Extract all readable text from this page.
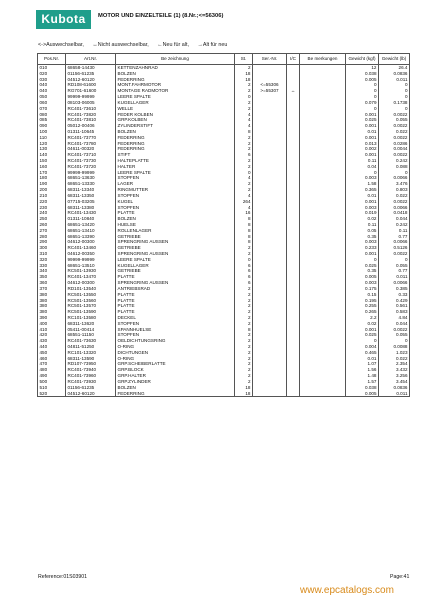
Kubota	MOTOR UND EINZELTEILE (1) (8.Nr.;<=56306)
<->Auswechselbar, ↔Nicht auswechselbar, ←Neu für alt, →Alt für neu
Pos.Nr.	Art.Nr.	Be zeichnung	St.	Ser.-Nr.	I/C	Be merkungen	Gewicht (kgf)	Gewicht (lb)
010	68658-14430	KETTENZAHNRAD	2				12	26.4
020	01156-61235	BOLZEN	18				0.038	0.0836
030	04512-60120	FEDERRING	18				0.005	0.011
040	RD108-61600	MONT.FAHRMOTOR	2	<=55306			0	0
040	RG701-61600	MONTAGE RADMOTOR	2	>=55307	↔		0	0
050	99999-99999	LEERE SPALTE	0				0	0
060	08103-06005	KUGELLAGER	2				0.079	0.1738
070	RC401-73610	WELLE	2				0	0
080	RC401-73820	FEDER KOLBEN	4				0.001	0.0022
085	RC401-73810	GRP.KOLBEN	4				0.025	0.055
090	05012-00406	ZYLINDERSTIFT	4				0.001	0.0022
100	01311-10645	BOLZEN	8				0.01	0.022
110	RC401-73770	FEDERRING	2				0.001	0.0022
120	RC401-73780	FEDERRING	2				0.013	0.0286
130	04611-00320	FEDERRING	2				0.002	0.0044
140	RC401-73710	STIFT	6				0.001	0.0022
150	RC401-73730	HALTEPLATTE	2				0.11	0.242
160	RC401-73720	HALTER	2				0.04	0.088
170	99999-99999	LEERE SPALTE	0				0	0
180	68651-13630	STOPFEN	4				0.003	0.0066
190	68651-13330	LAGER	2				1.58	3.476
200	68311-13340	RINGMUTTER	2				0.365	0.803
210	68311-13350	STOPFEN	4				0.01	0.022
220	07715-03205	KUGEL	264				0.001	0.0022
230	68311-13380	STOPFEN	4				0.003	0.0066
240	RC401-13430	PLATTE	16				0.019	0.0418
250	01311-10840	BOLZEN	8				0.02	0.044
260	68651-13420	HUELSE	8				0.11	0.242
270	68651-13410	ROLLENLAGER	8				0.05	0.11
280	68651-13390	GETRIEBE	8				0.35	0.77
290	04612-00300	SPRENGRING AUSSEN	8				0.003	0.0066
300	RC401-13460	GETRIEBE	2				0.233	0.5126
310	04612-00350	SPRENGRING AUSSEN	2				0.001	0.0022
320	99999-99999	LEERE SPALTE	0				0	0
330	68651-13510	KUGELLAGER	6				0.025	0.055
340	RC501-13930	GETRIEBE	6				0.35	0.77
350	RC401-13470	PLATTE	6				0.005	0.011
360	04612-00300	SPRENGRING AUSSEN	6				0.003	0.0066
370	RD101-13540	ANTRIEBSRAD	2				0.175	0.385
380	RC501-13550	PLATTE	2				0.15	0.33
380	RC501-13560	PLATTE	2				0.195	0.429
380	RC501-13570	PLATTE	2				0.255	0.561
380	RC501-13590	PLATTE	2				0.265	0.583
390	RC101-13580	DECKEL	2				2.2	4.84
400	68311-13620	STOPFEN	2				0.02	0.044
410	05411-00414	SPANNHUELSE	8				0.001	0.0022
420	68551-11150	STOPFEN	2				0.025	0.055
430	RC401-73630	OELDICHTUNGSRING	2				0	0
440	04811-51250	O-RING	2				0.004	0.0088
450	RC101-13320	DICHTUNGEN	2				0.465	1.023
460	68311-13590	O-RING	2				0.01	0.022
470	RD107-73950	GRP.SCHEIBERLATTE	2				1.07	2.354
480	RC401-73940	GRP.BLOCK	2				1.56	3.432
490	RC401-73960	GRP.HALTER	2				1.48	3.256
500	RC401-73930	GRP.ZYLINDER	2				1.57	3.454
510	01156-61235	BOLZEN	18				0.038	0.0836
520	04512-60120	FEDERRING	18				0.005	0.011
Reference:01S03901	Page:41
www.epcatalogs.com
